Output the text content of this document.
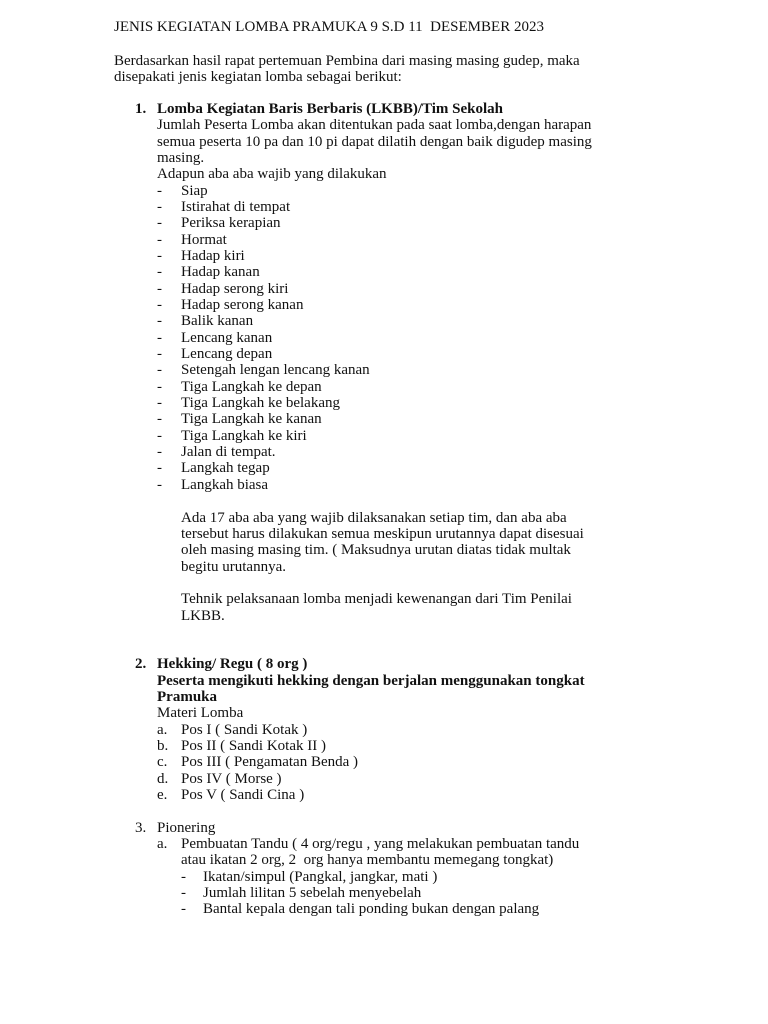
JENIS KEGIATAN LOMBA PRAMUKA 9 S.D 11  DESEMBER 2023
Berdasarkan hasil rapat pertemuan Pembina dari masing masing gudep, maka
disepakati jenis kegiatan lomba sebagai berikut:
1. Lomba Kegiatan Baris Berbaris (LKBB)/Tim Sekolah
Jumlah Peserta Lomba akan ditentukan pada saat lomba,dengan harapan
semua peserta 10 pa dan 10 pi dapat dilatih dengan baik digudep masing
masing.
Adapun aba aba wajib yang dilakukan
- Siap
- Istirahat di tempat
- Periksa kerapian
- Hormat
- Hadap kiri
- Hadap kanan
- Hadap serong kiri
- Hadap serong kanan
- Balik kanan
- Lencang kanan
- Lencang depan
- Setengah lengan lencang kanan
- Tiga Langkah ke depan
- Tiga Langkah ke belakang
- Tiga Langkah ke kanan
- Tiga Langkah ke kiri
- Jalan di tempat.
- Langkah tegap
- Langkah biasa
Ada 17 aba aba yang wajib dilaksanakan setiap tim, dan aba aba
tersebut harus dilakukan semua meskipun urutannya dapat disesuai
oleh masing masing tim. ( Maksudnya urutan diatas tidak multak
begitu urutannya.
Tehnik pelaksanaan lomba menjadi kewenangan dari Tim Penilai
LKBB.
2. Hekking/ Regu ( 8 org )
Peserta mengikuti hekking dengan berjalan menggunakan tongkat
Pramuka
Materi Lomba
a. Pos I ( Sandi Kotak )
b. Pos II ( Sandi Kotak II )
c. Pos III ( Pengamatan Benda )
d. Pos IV ( Morse )
e. Pos V ( Sandi Cina )
3. Pionering
a. Pembuatan Tandu ( 4 org/regu , yang melakukan pembuatan tandu
atau ikatan 2 org, 2  org hanya membantu memegang tongkat)
- Ikatan/simpul (Pangkal, jangkar, mati )
- Jumlah lilitan 5 sebelah menyebelah
- Bantal kepala dengan tali ponding bukan dengan palang
